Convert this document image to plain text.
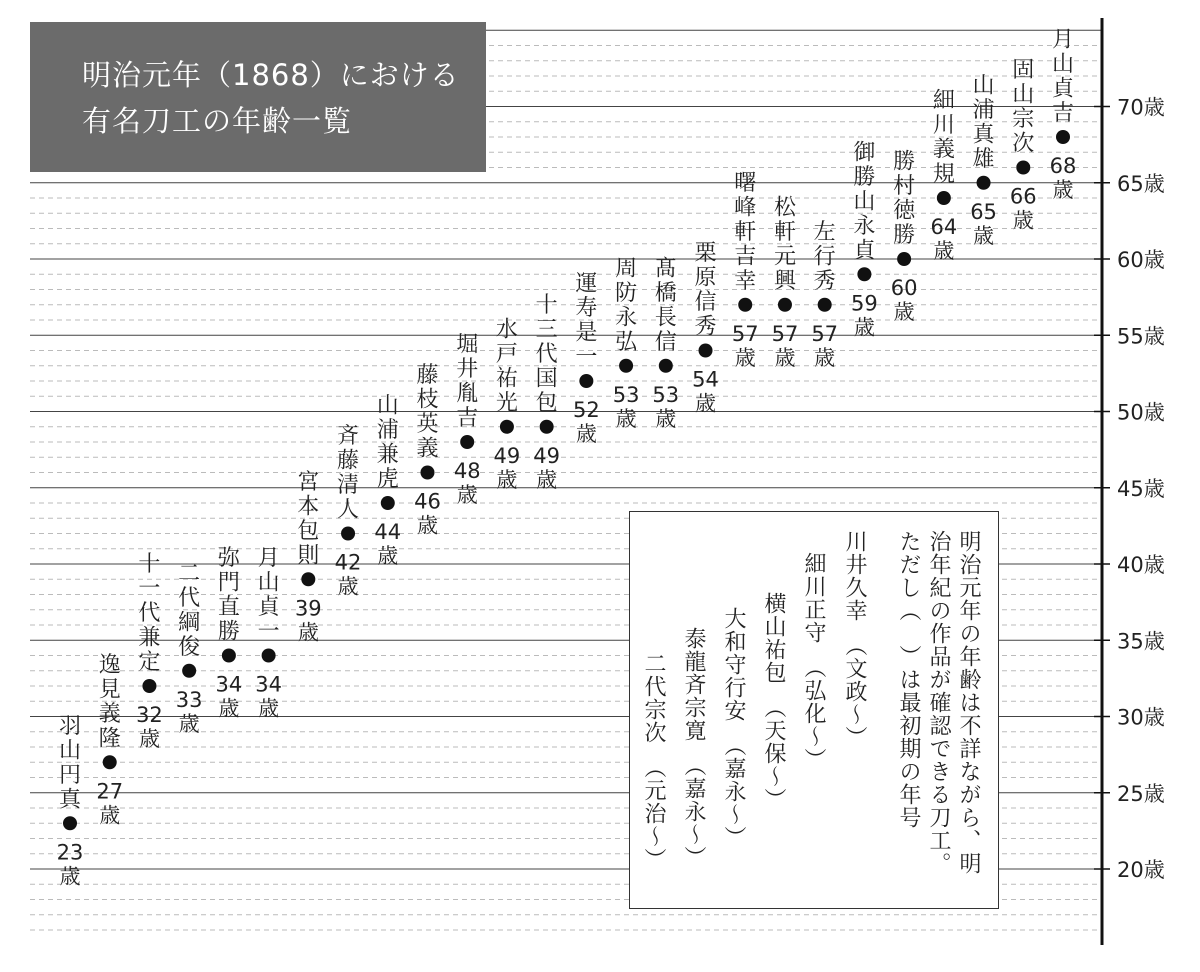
20歳
25歳
30歳
35歳
40歳
45歳
50歳
55歳
60歳
65歳
70歳
羽山円真
23 歳
逸見義隆
27 歳
十一代兼定
32 歳
二代綱俊
33 歳
弥門直勝
34 歳
月山貞一
34 歳
宮本包則
39 歳
斉藤清人
42 歳
山浦兼虎
44 歳
藤枝英義
46 歳
堀井胤吉
48 歳
水戸祐光
49 歳
十三代国包
49 歳
運寿是一
52 歳
周防永弘
53 歳
髙橋長信
53 歳
栗原信秀
54 歳
曙峰軒吉幸
57 歳
松軒元興
57 歳
左行秀
57 歳
御勝山永貞
59 歳
勝村徳勝
60 歳
細川義規
64 歳
山浦真雄
65 歳
固山宗次
66 歳
月山貞吉
68 歳
明治元年（1868）における
有名刀工の年齢一覧
明治元年の年齢は不詳ながら、明
治年紀の作品が確認できる刀工。
ただし（　）は最初期の年号
川井久幸　（文政～）
細川正守　（弘化～）
横山祐包　（天保～）
大和守行安　（嘉永～）
泰龍斉宗寛　（嘉永～）
二代宗次　（元治～）
